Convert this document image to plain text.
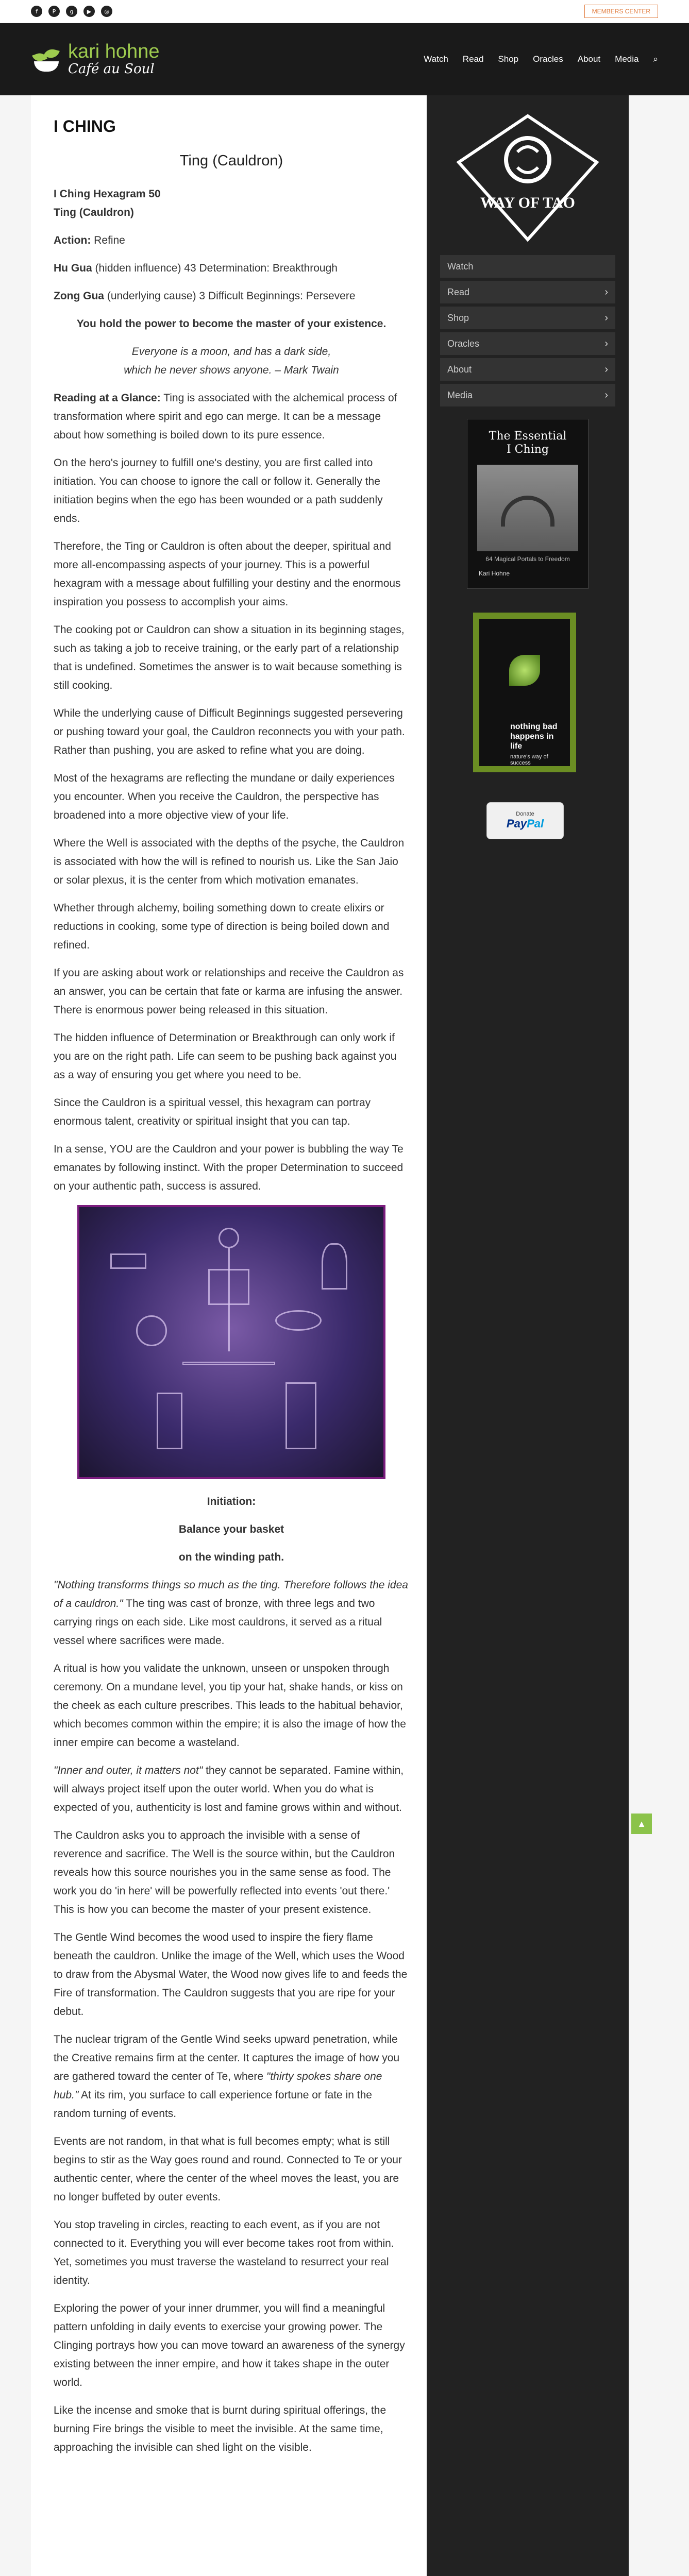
f	P	g	▶	◎	MEMBERS CENTER
kari hohne
Café au Soul
Watch Read Shop Oracles About Media ⌕
I CHING
Ting (Cauldron)

I Ching Hexagram 50

Ting (Cauldron)

Action: Refine

Hu Gua (hidden influence) 43 Determination: Breakthrough

Zong Gua (underlying cause) 3 Difficult Beginnings: Persevere

You hold the power to become the master of your existence.

Everyone is a moon, and has a dark side,

which he never shows anyone. – Mark Twain

Reading at a Glance: Ting is associated with the alchemical process of transformation where spirit and ego can merge. It can be a message about how something is boiled down to its pure essence.

On the hero's journey to fulfill one's destiny, you are first called into initiation. You can choose to ignore the call or follow it. Generally the initiation begins when the ego has been wounded or a path suddenly ends.

Therefore, the Ting or Cauldron is often about the deeper, spiritual and more all-encompassing aspects of your journey. This is a powerful hexagram with a message about fulfilling your destiny and the enormous inspiration you possess to accomplish your aims.

The cooking pot or Cauldron can show a situation in its beginning stages, such as taking a job to receive training, or the early part of a relationship that is undefined. Sometimes the answer is to wait because something is still cooking.

While the underlying cause of Difficult Beginnings suggested persevering or pushing toward your goal, the Cauldron reconnects you with your path. Rather than pushing, you are asked to refine what you are doing.

Most of the hexagrams are reflecting the mundane or daily experiences you encounter. When you receive the Cauldron, the perspective has broadened into a more objective view of your life.

Where the Well is associated with the depths of the psyche, the Cauldron is associated with how the will is refined to nourish us. Like the San Jaio or solar plexus, it is the center from which motivation emanates.

Whether through alchemy, boiling something down to create elixirs or reductions in cooking, some type of direction is being boiled down and refined.

If you are asking about work or relationships and receive the Cauldron as an answer, you can be certain that fate or karma are infusing the answer. There is enormous power being released in this situation.

The hidden influence of Determination or Breakthrough can only work if you are on the right path. Life can seem to be pushing back against you as a way of ensuring you get where you need to be.

Since the Cauldron is a spiritual vessel, this hexagram can portray enormous talent, creativity or spiritual insight that you can tap.

In a sense, YOU are the Cauldron and your power is bubbling the way Te emanates by following instinct. With the proper Determination to succeed on your authentic path, success is assured.

Initiation:

Balance your basket

on the winding path.

"Nothing transforms things so much as the ting. Therefore follows the idea of a cauldron." The ting was cast of bronze, with three legs and two carrying rings on each side. Like most cauldrons, it served as a ritual vessel where sacrifices were made.

A ritual is how you validate the unknown, unseen or unspoken through ceremony. On a mundane level, you tip your hat, shake hands, or kiss on the cheek as each culture prescribes. This leads to the habitual behavior, which becomes common within the empire; it is also the image of how the inner empire can become a wasteland.

"Inner and outer, it matters not" they cannot be separated. Famine within, will always project itself upon the outer world. When you do what is expected of you, authenticity is lost and famine grows within and without.

The Cauldron asks you to approach the invisible with a sense of reverence and sacrifice. The Well is the source within, but the Cauldron reveals how this source nourishes you in the same sense as food. The work you do 'in here' will be powerfully reflected into events 'out there.' This is how you can become the master of your present existence.

The Gentle Wind becomes the wood used to inspire the fiery flame beneath the cauldron. Unlike the image of the Well, which uses the Wood to draw from the Abysmal Water, the Wood now gives life to and feeds the Fire of transformation. The Cauldron suggests that you are ripe for your debut.

The nuclear trigram of the Gentle Wind seeks upward penetration, while the Creative remains firm at the center. It captures the image of how you are gathered toward the center of Te, where "thirty spokes share one hub." At its rim, you surface to call experience fortune or fate in the random turning of events.

Events are not random, in that what is full becomes empty; what is still begins to stir as the Way goes round and round. Connected to Te or your authentic center, where the center of the wheel moves the least, you are no longer buffeted by outer events.

You stop traveling in circles, reacting to each event, as if you are not connected to it. Everything you will ever become takes root from within. Yet, sometimes you must traverse the wasteland to resurrect your real identity.

Exploring the power of your inner drummer, you will find a meaningful pattern unfolding in daily events to exercise your growing power. The Clinging portrays how you can move toward an awareness of the synergy existing between the inner empire, and how it takes shape in the outer world.

Like the incense and smoke that is burnt during spiritual offerings, the burning Fire brings the visible to meet the invisible. At the same time, approaching the invisible can shed light on the visible.

WAY OF TAO
Watch
Read	›
Shop	›
Oracles	›
About	›
Media	›
The Essential
I Ching
64 Magical Portals to Freedom
Kari Hohne
nothing bad happens in life
nature's way of success
Donate
PayPal
▲
